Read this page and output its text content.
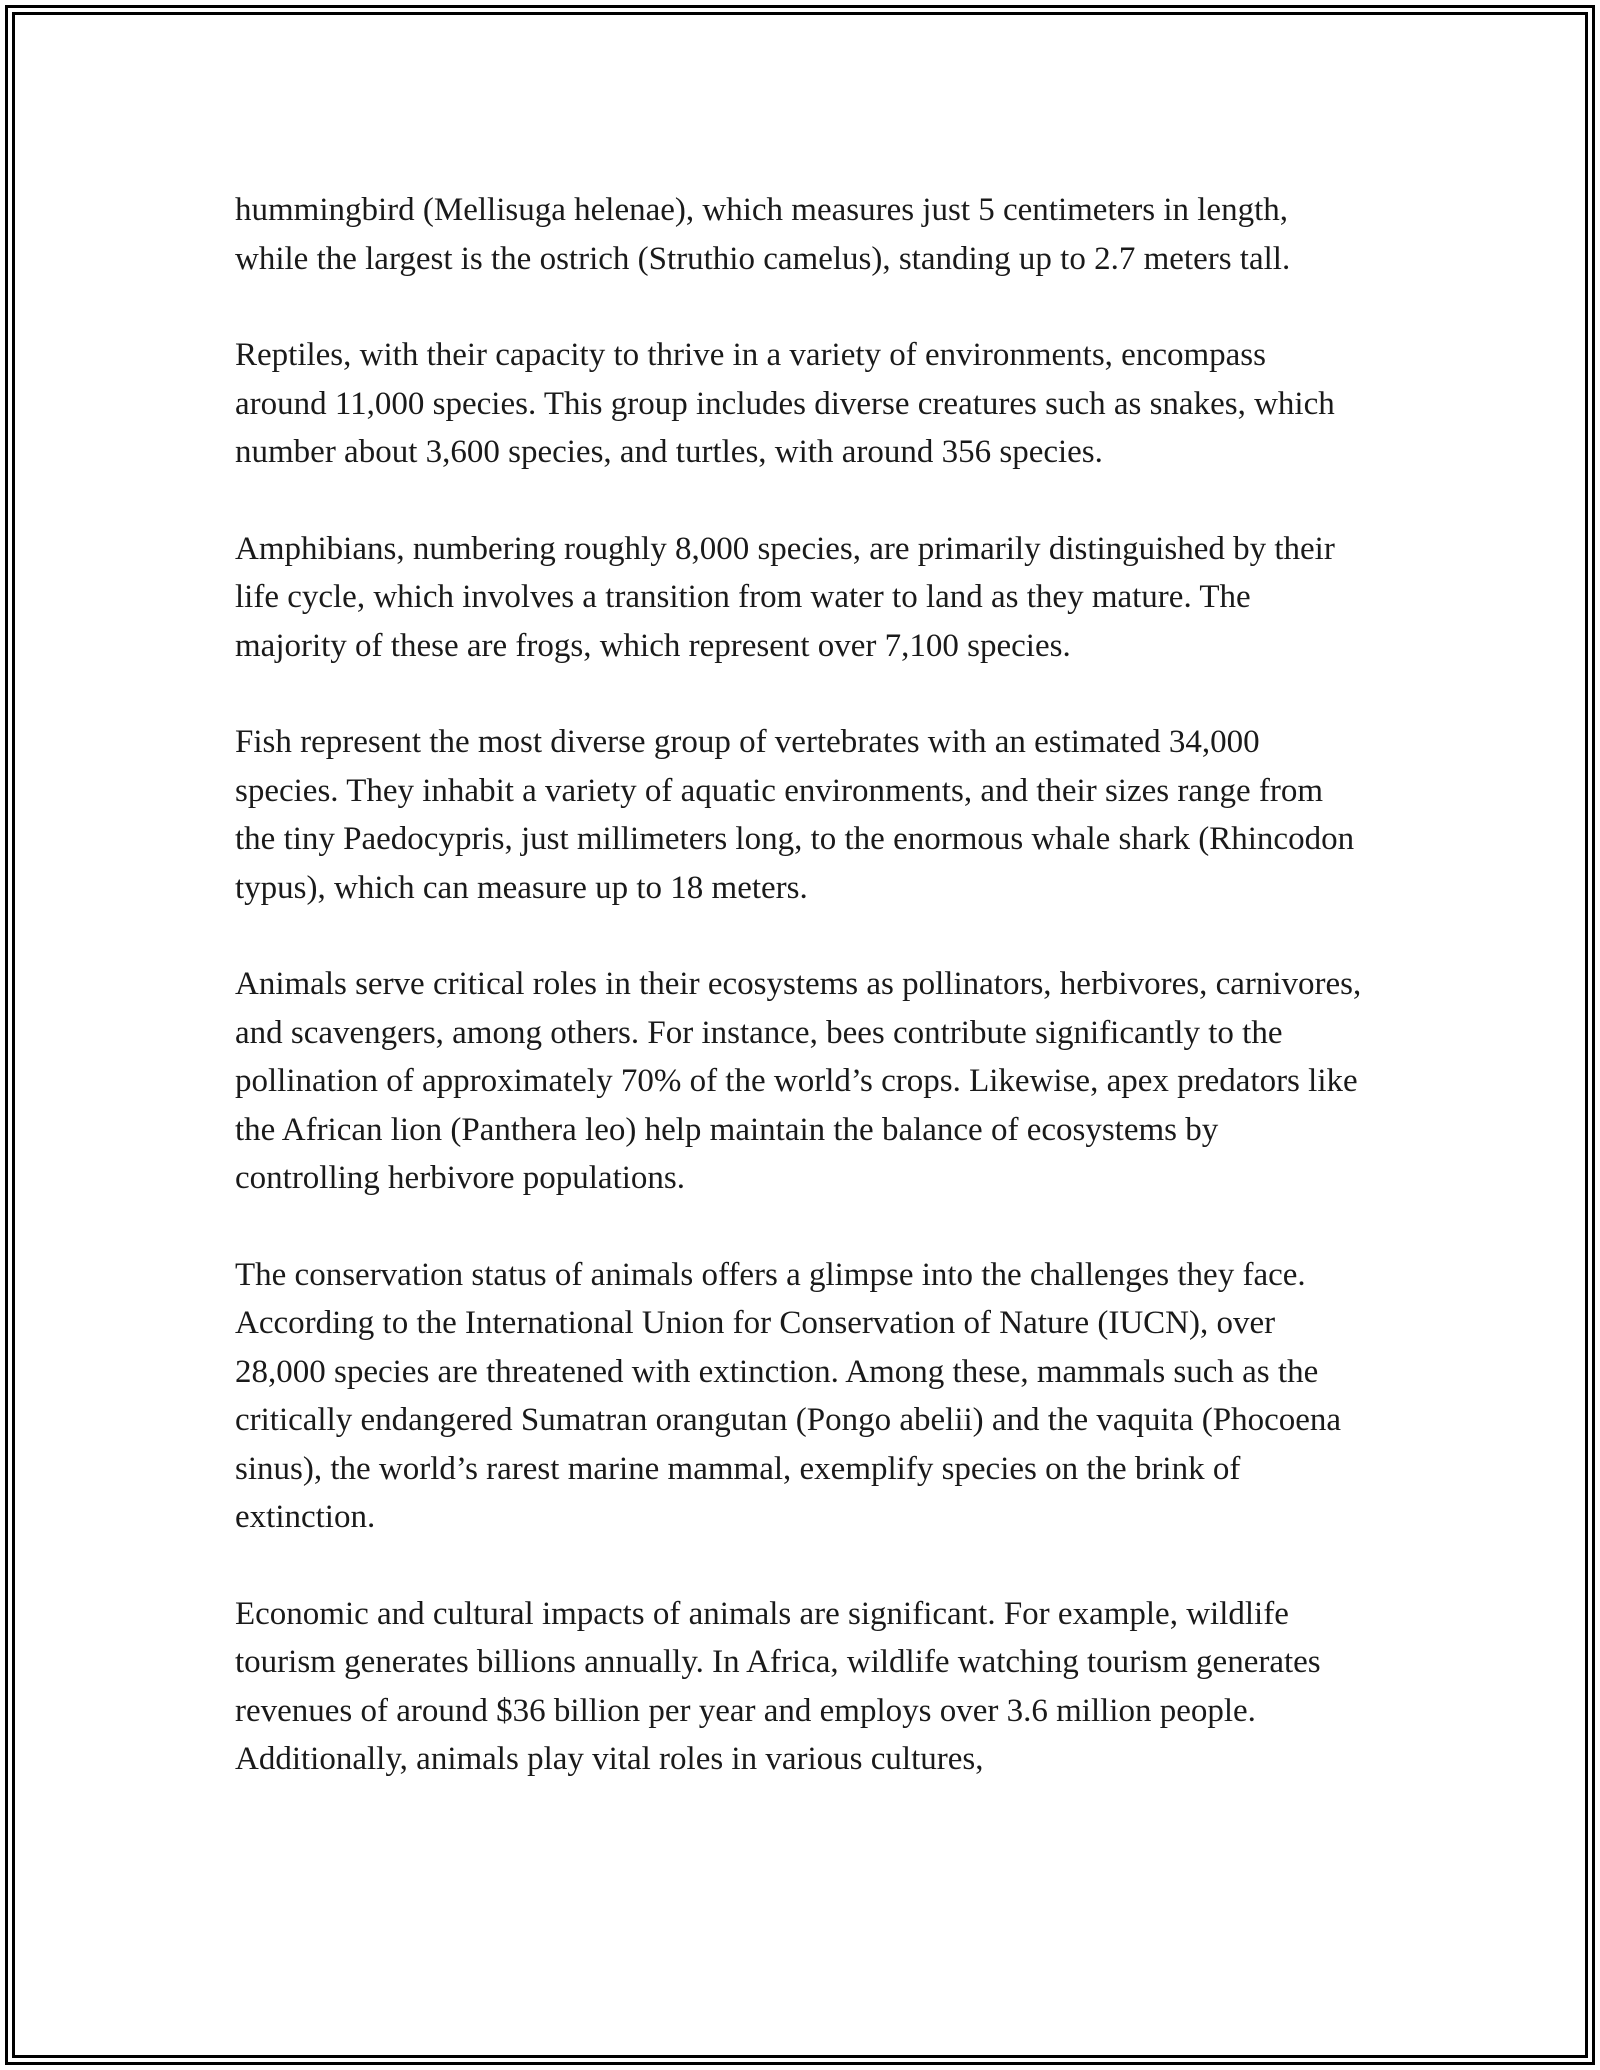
hummingbird (Mellisuga helenae), which measures just 5 centimeters in length, while the largest is the ostrich (Struthio camelus), standing up to 2.7 meters tall.

Reptiles, with their capacity to thrive in a variety of environments, encompass around 11,000 species. This group includes diverse creatures such as snakes, which number about 3,600 species, and turtles, with around 356 species.

Amphibians, numbering roughly 8,000 species, are primarily distinguished by their life cycle, which involves a transition from water to land as they mature. The majority of these are frogs, which represent over 7,100 species.

Fish represent the most diverse group of vertebrates with an estimated 34,000 species. They inhabit a variety of aquatic environments, and their sizes range from the tiny Paedocypris, just millimeters long, to the enormous whale shark (Rhincodon typus), which can measure up to 18 meters.

Animals serve critical roles in their ecosystems as pollinators, herbivores, carnivores, and scavengers, among others. For instance, bees contribute significantly to the pollination of approximately 70% of the world’s crops. Likewise, apex predators like the African lion (Panthera leo) help maintain the balance of ecosystems by controlling herbivore populations.

The conservation status of animals offers a glimpse into the challenges they face. According to the International Union for Conservation of Nature (IUCN), over 28,000 species are threatened with extinction. Among these, mammals such as the critically endangered Sumatran orangutan (Pongo abelii) and the vaquita (Phocoena sinus), the world’s rarest marine mammal, exemplify species on the brink of extinction.

Economic and cultural impacts of animals are significant. For example, wildlife tourism generates billions annually. In Africa, wildlife watching tourism generates revenues of around $36 billion per year and employs over 3.6 million people. Additionally, animals play vital roles in various cultures,
